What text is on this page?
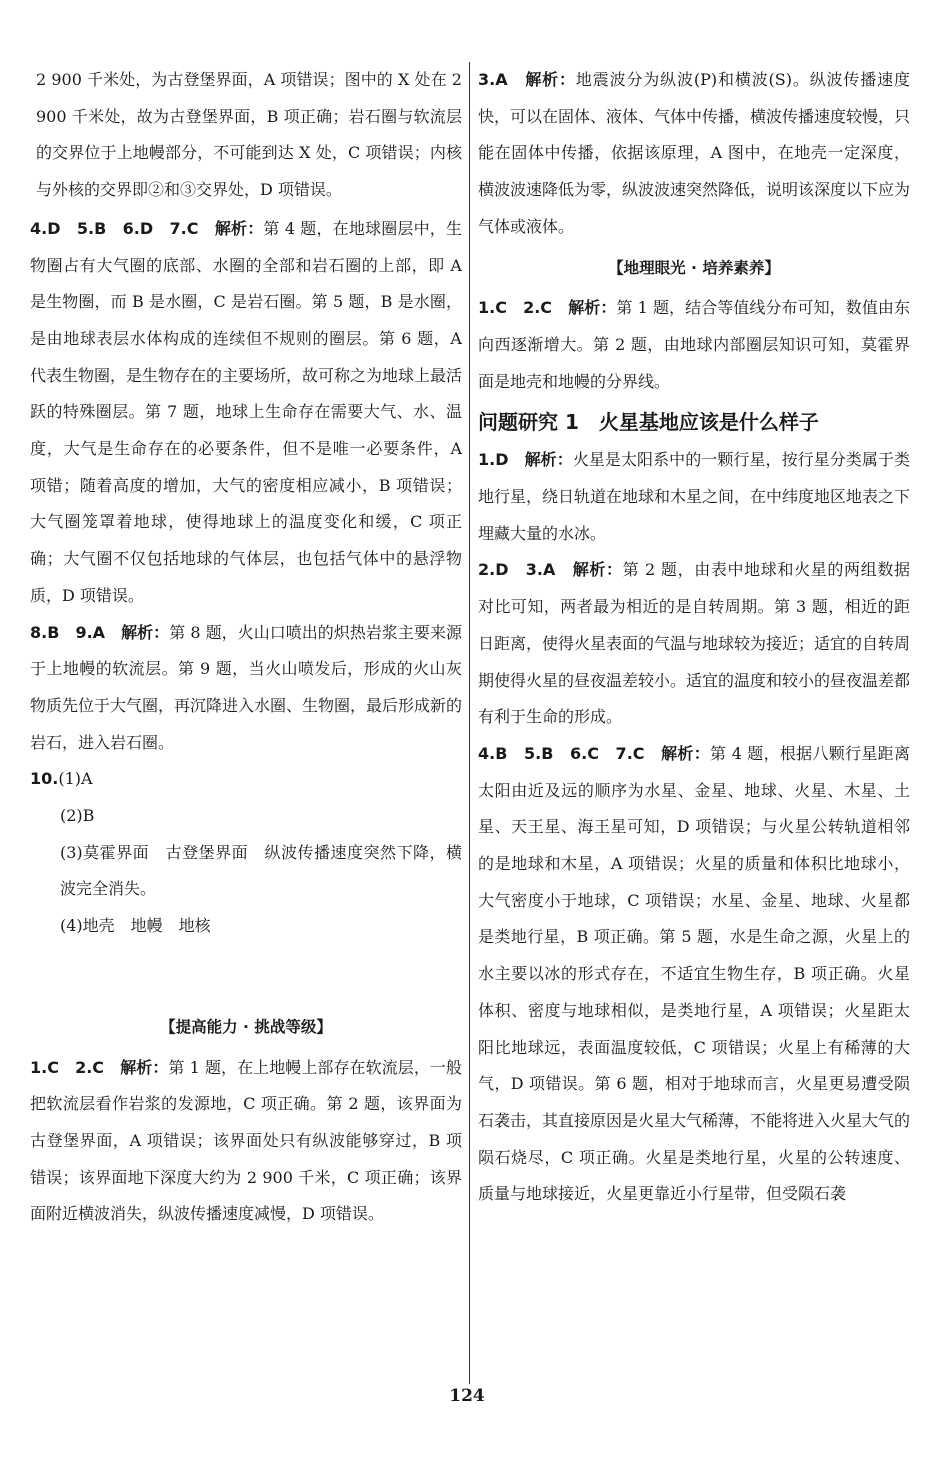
2 900 千米处，为古登堡界面，A 项错误；图中的 X 处在 2 900 千米处，故为古登堡界面，B 项正确；岩石圈与软流层的交界位于上地幔部分，不可能到达 X 处，C 项错误；内核与外核的交界即②和③交界处，D 项错误。

4.D　5.B　6.D　7.C　 解析：第 4 题，在地球圈层中，生物圈占有大气圈的底部、水圈的全部和岩石圈的上部，即 A 是生物圈，而 B 是水圈，C 是岩石圈。第 5 题，B 是水圈，是由地球表层水体构成的连续但不规则的圈层。第 6 题，A 代表生物圈，是生物存在的主要场所，故可称之为地球上最活跃的特殊圈层。第 7 题，地球上生命存在需要大气、水、温度，大气是生命存在的必要条件，但不是唯一必要条件，A 项错；随着高度的增加，大气的密度相应减小，B 项错误；大气圈笼罩着地球，使得地球上的温度变化和缓，C 项正确；大气圈不仅包括地球的气体层，也包括气体中的悬浮物质，D 项错误。

8.B　9.A　 解析：第 8 题，火山口喷出的炽热岩浆主要来源于上地幔的软流层。第 9 题，当火山喷发后，形成的火山灰物质先位于大气圈，再沉降进入水圈、生物圈，最后形成新的岩石，进入岩石圈。

10.(1)A

(2)B

(3)莫霍界面　古登堡界面　纵波传播速度突然下降，横波完全消失。

(4)地壳　地幔　地核

【提高能力 · 挑战等级】

1.C　2.C　 解析：第 1 题，在上地幔上部存在软流层，一般把软流层看作岩浆的发源地，C 项正确。第 2 题，该界面为古登堡界面，A 项错误；该界面处只有纵波能够穿过，B 项错误；该界面地下深度大约为 2 900 千米，C 项正确；该界面附近横波消失，纵波传播速度减慢，D 项错误。

3.A　 解析：地震波分为纵波(P)和横波(S)。纵波传播速度快，可以在固体、液体、气体中传播，横波传播速度较慢，只能在固体中传播，依据该原理，A 图中，在地壳一定深度，横波波速降低为零，纵波波速突然降低，说明该深度以下应为气体或液体。

【地理眼光 · 培养素养】

1.C　2.C　 解析：第 1 题，结合等值线分布可知，数值由东向西逐渐增大。第 2 题，由地球内部圈层知识可知，莫霍界面是地壳和地幔的分界线。

问题研究 1　火星基地应该是什么样子

1.D　 解析：火星是太阳系中的一颗行星，按行星分类属于类地行星，绕日轨道在地球和木星之间，在中纬度地区地表之下埋藏大量的水冰。

2.D　3.A　 解析：第 2 题，由表中地球和火星的两组数据对比可知，两者最为相近的是自转周期。第 3 题，相近的距日距离，使得火星表面的气温与地球较为接近；适宜的自转周期使得火星的昼夜温差较小。适宜的温度和较小的昼夜温差都有利于生命的形成。

4.B　5.B　6.C　7.C　 解析：第 4 题，根据八颗行星距离太阳由近及远的顺序为水星、金星、地球、火星、木星、土星、天王星、海王星可知，D 项错误；与火星公转轨道相邻的是地球和木星，A 项错误；火星的质量和体积比地球小，大气密度小于地球，C 项错误；水星、金星、地球、火星都是类地行星，B 项正确。第 5 题，水是生命之源，火星上的水主要以冰的形式存在，不适宜生物生存，B 项正确。火星体积、密度与地球相似，是类地行星，A 项错误；火星距太阳比地球远，表面温度较低，C 项错误；火星上有稀薄的大气，D 项错误。第 6 题，相对于地球而言，火星更易遭受陨石袭击，其直接原因是火星大气稀薄，不能将进入火星大气的陨石烧尽，C 项正确。火星是类地行星，火星的公转速度、质量与地球接近，火星更靠近小行星带，但受陨石袭

124
